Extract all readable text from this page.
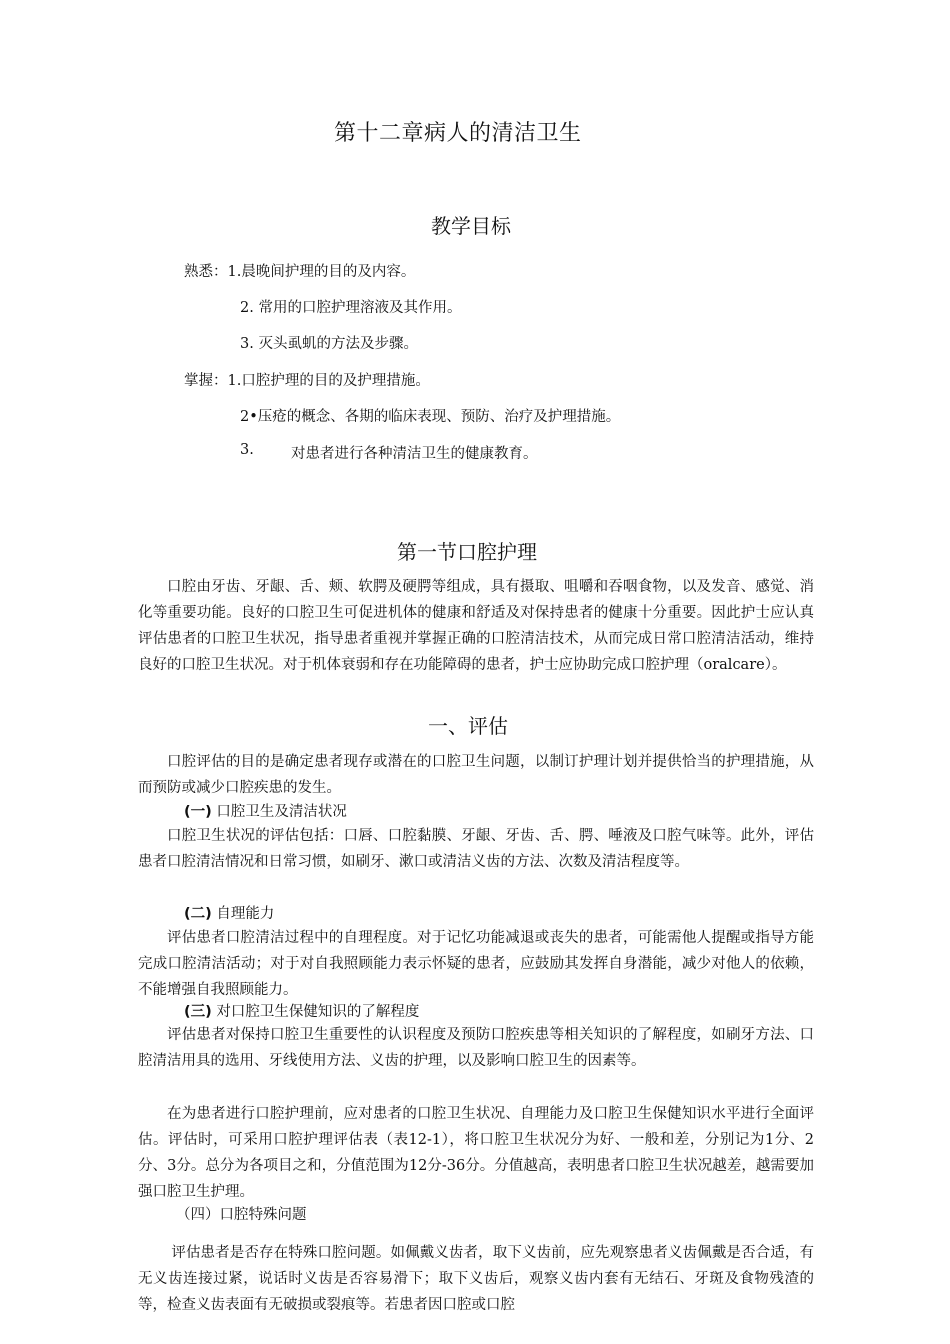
第十二章病人的清洁卫生
教学目标
熟悉：1.晨晚间护理的目的及内容。
2. 常用的口腔护理溶液及其作用。
3. 灭头虱虮的方法及步骤。
掌握：1.口腔护理的目的及护理措施。
2•压疮的概念、各期的临床表现、预防、治疗及护理措施。
3.	对患者进行各种清洁卫生的健康教育。
第一节口腔护理

口腔由牙齿、牙龈、舌、颊、软腭及硬腭等组成，具有摄取、咀嚼和吞咽食物，以及发音、感觉、消化等重要功能。良好的口腔卫生可促进机体的健康和舒适及对保持患者的健康十分重要。因此护士应认真评估患者的口腔卫生状况，指导患者重视并掌握正确的口腔清洁技术，从而完成日常口腔清洁活动，维持良好的口腔卫生状况。对于机体衰弱和存在功能障碍的患者，护士应协助完成口腔护理（oralcare）。

一、评估

口腔评估的目的是确定患者现存或潜在的口腔卫生问题，以制订护理计划并提供恰当的护理措施，从而预防或减少口腔疾患的发生。

(一) 口腔卫生及清洁状况

口腔卫生状况的评估包括：口唇、口腔黏膜、牙龈、牙齿、舌、腭、唾液及口腔气味等。此外，评估患者口腔清洁情况和日常习惯，如刷牙、漱口或清洁义齿的方法、次数及清洁程度等。

(二) 自理能力

评估患者口腔清洁过程中的自理程度。对于记忆功能减退或丧失的患者，可能需他人提醒或指导方能完成口腔清洁活动；对于对自我照顾能力表示怀疑的患者，应鼓励其发挥自身潜能，减少对他人的依赖，不能增强自我照顾能力。

(三) 对口腔卫生保健知识的了解程度

评估患者对保持口腔卫生重要性的认识程度及预防口腔疾患等相关知识的了解程度，如刷牙方法、口腔清洁用具的选用、牙线使用方法、义齿的护理，以及影响口腔卫生的因素等。

在为患者进行口腔护理前，应对患者的口腔卫生状况、自理能力及口腔卫生保健知识水平进行全面评估。评估时，可采用口腔护理评估表（表12-1），将口腔卫生状况分为好、一般和差，分别记为1分、2分、3分。总分为各项目之和，分值范围为12分-36分。分值越高，表明患者口腔卫生状况越差，越需要加强口腔卫生护理。

（四）口腔特殊问题

评估患者是否存在特殊口腔问题。如佩戴义齿者，取下义齿前，应先观察患者义齿佩戴是否合适，有无义齿连接过紧，说话时义齿是否容易滑下；取下义齿后，观察义齿内套有无结石、牙斑及食物残渣的等，检查义齿表面有无破损或裂痕等。若患者因口腔或口腔
